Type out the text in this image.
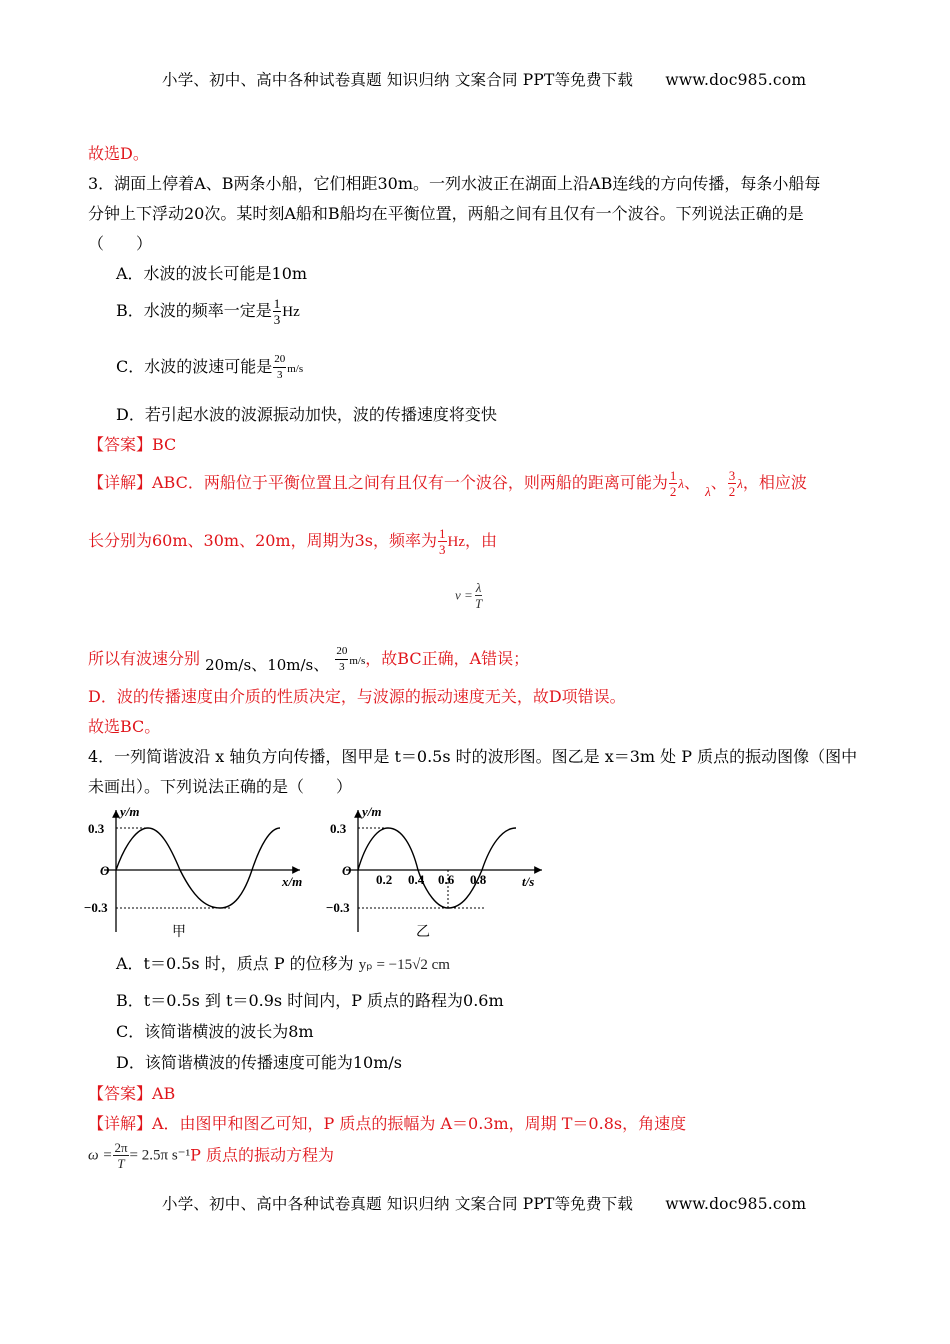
小学、初中、高中各种试卷真题 知识归纳 文案合同 PPT等免费下载 www.doc985.com
故选D。
3．湖面上停着A、B两条小船，它们相距30m。一列水波正在湖面上沿AB连线的方向传播，每条小船每
分钟上下浮动20次。某时刻A船和B船均在平衡位置，两船之间有且仅有一个波谷。下列说法正确的是
（　　）
A．水波的波长可能是10m
B．水波的频率一定是 $\frac{1}{3}$ Hz
C．水波的波速可能是 $\frac{20}{3} m/s$
D．若引起水波的波源振动加快，波的传播速度将变快
【答案】BC
【详解】ABC．两船位于平衡位置且之间有且仅有一个波谷，则两船的距离可能为 $\frac{1}{2}$ λ、 $_\lambda$、 $\frac{3}{2}$ λ，相应波
长分别为60m、30m、20m，周期为3s，频率为 $\frac{1}{3}$ Hz，由
$v = \frac{\lambda}{T}$
所以有波速分别 20m/s、10m/s、 $\frac{20}{3} m/s$，故BC正确，A错误；
D．波的传播速度由介质的性质决定，与波源的振动速度无关，故D项错误。
故选BC。
4．一列简谐波沿 x 轴负方向传播，图甲是 t＝0.5s 时的波形图。图乙是 x＝3m 处 P 质点的振动图像（图中
未画出）。下列说法正确的是（　　）
y/m
0.3
O
−0.3
x/m
甲
y/m
0.3
O
−0.3
0.2 0.4 0.6 0.8	t/s
乙
A．t＝0.5s 时，质点 P 的位移为 yₚ = −15√2 cm
B．t＝0.5s 到 t＝0.9s 时间内，P 质点的路程为0.6m
C．该简谐横波的波长为8m
D．该简谐横波的传播速度可能为10m/s
【答案】AB
【详解】A．由图甲和图乙可知，P 质点的振幅为 A＝0.3m，周期 T＝0.8s，角速度
$\omega = \frac{2\pi}{T} = 2.5\pi$ s⁻¹P 质点的振动方程为
小学、初中、高中各种试卷真题 知识归纳 文案合同 PPT等免费下载 www.doc985.com
